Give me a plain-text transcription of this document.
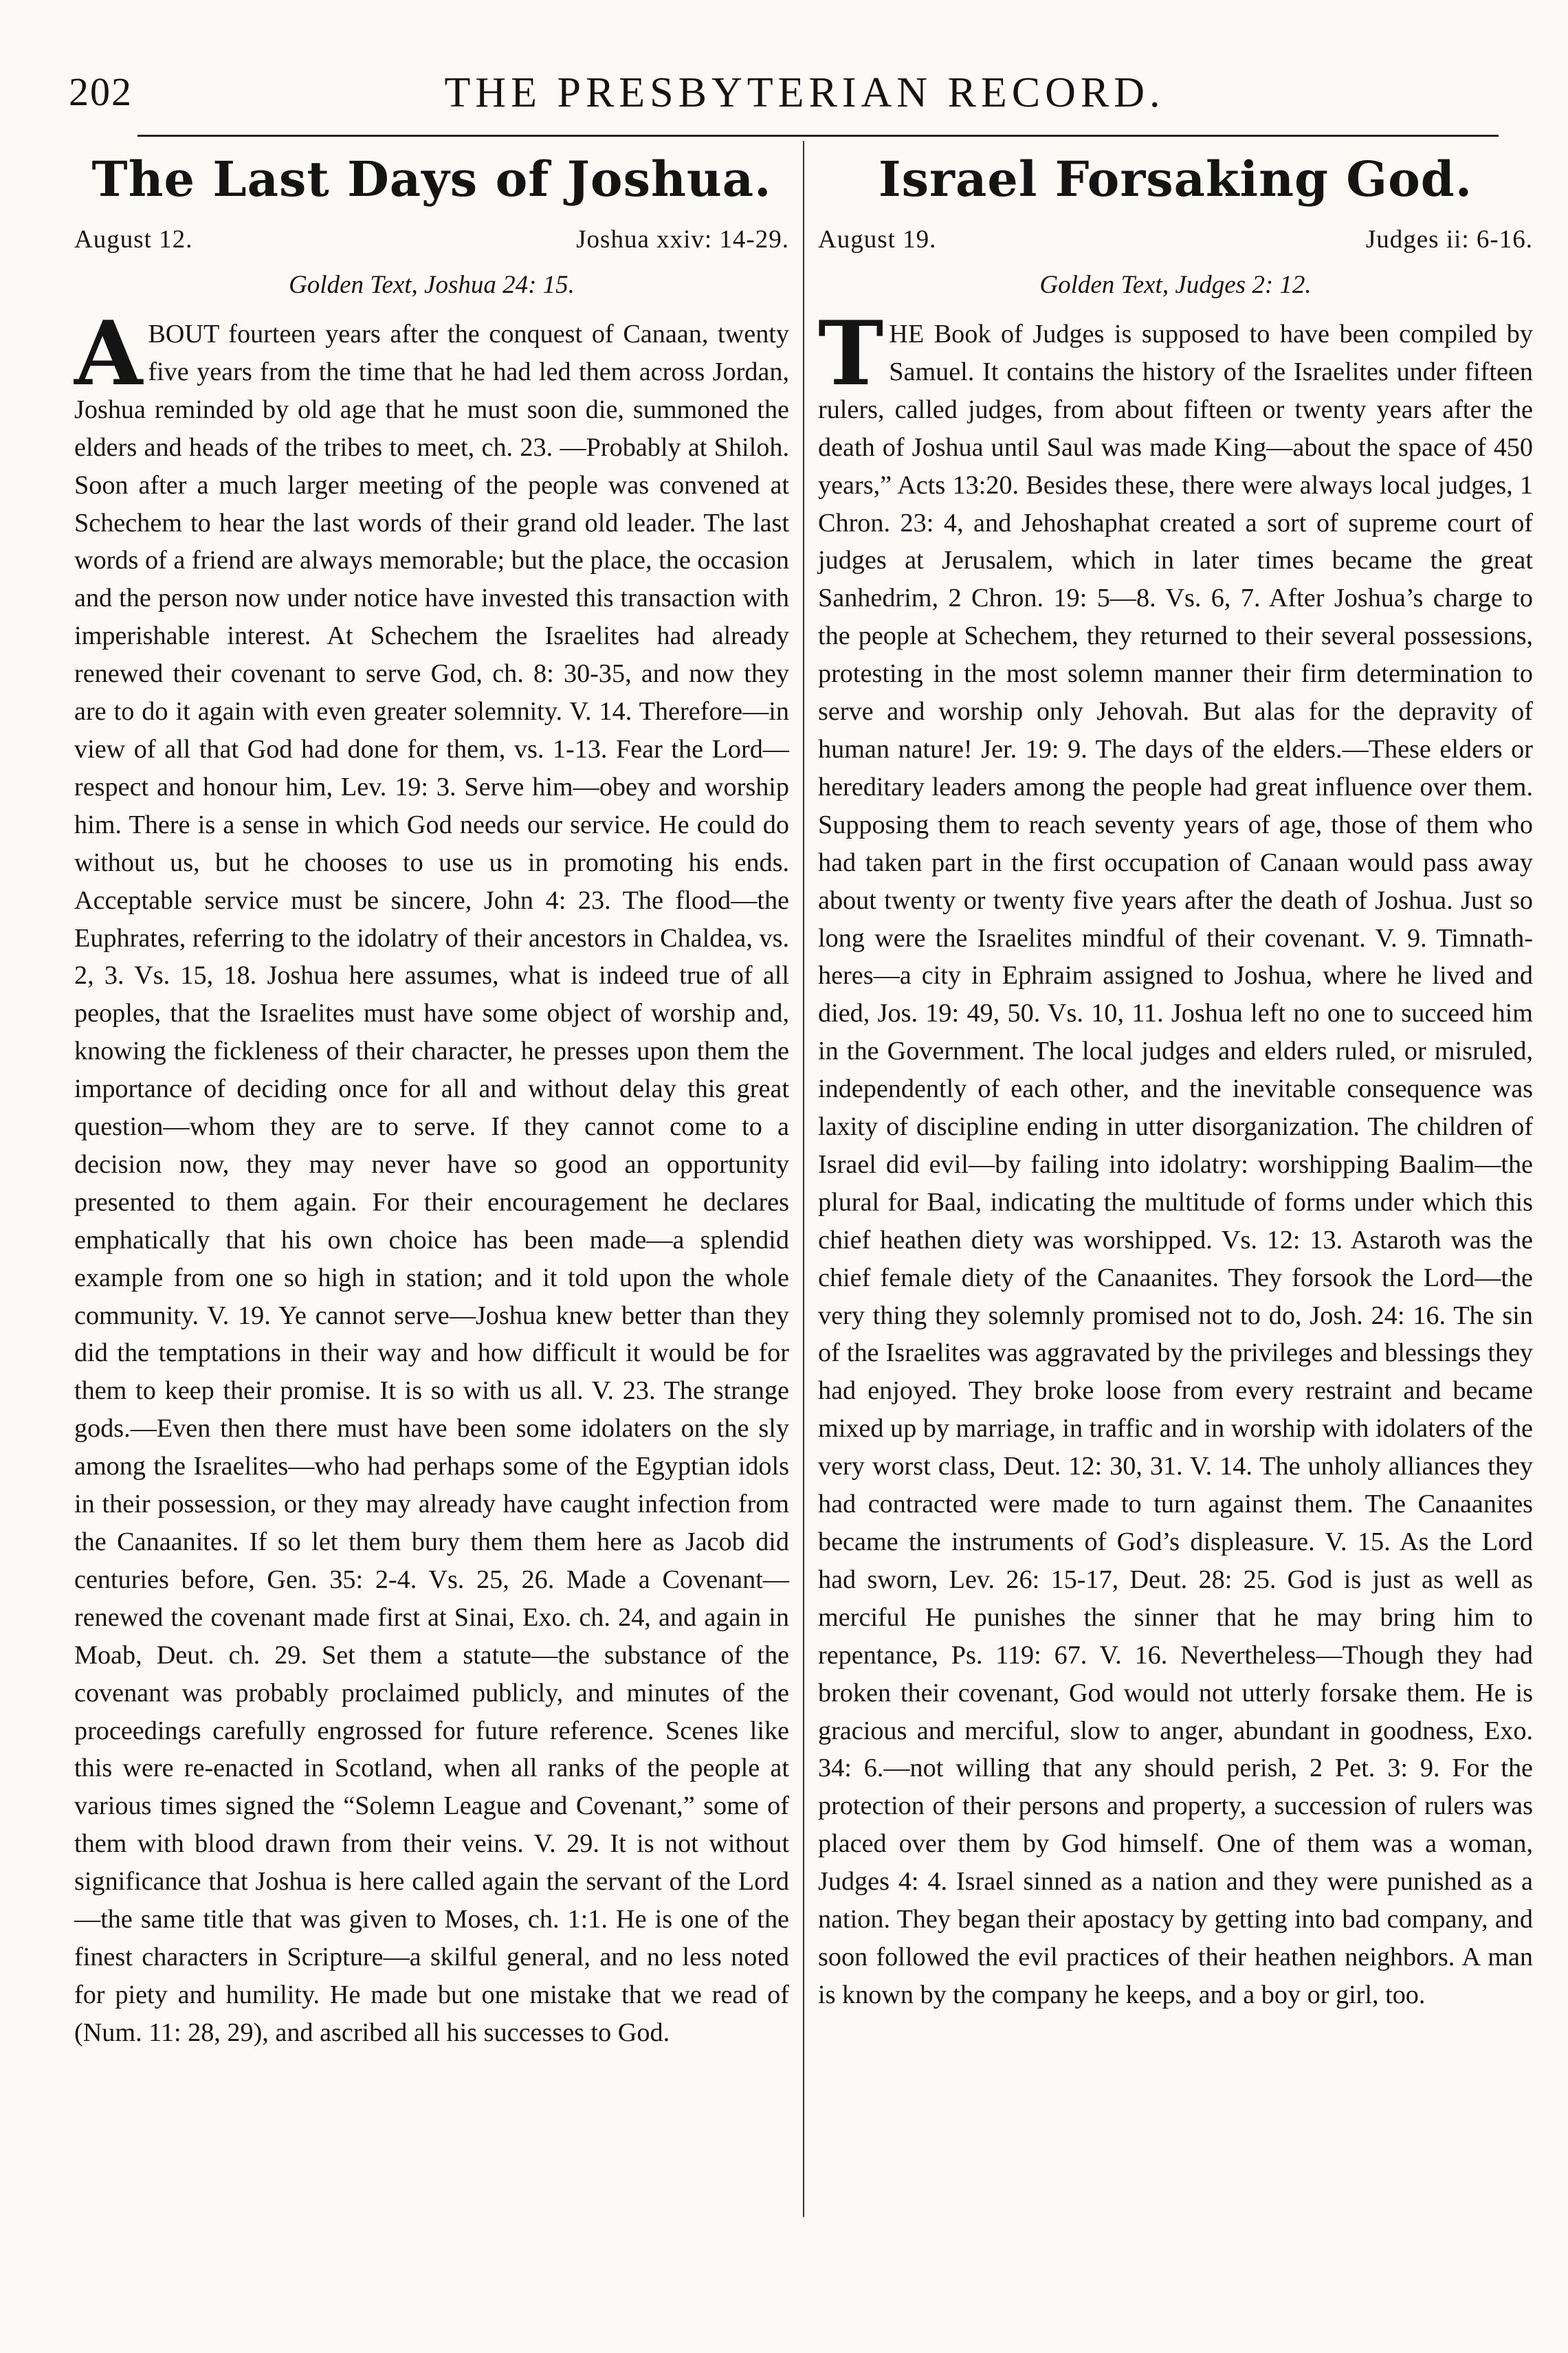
202	THE PRESBYTERIAN RECORD.
The Last Days of Joshua.
August 12.	Joshua xxiv: 14-29.
Golden Text, Joshua 24: 15.

ABOUT fourteen years after the conquest of Canaan, twenty five years from the time that he had led them across Jordan, Joshua reminded by old age that he must soon die, summoned the elders and heads of the tribes to meet, ch. 23. —Probably at Shiloh. Soon after a much larger meeting of the people was convened at Schechem to hear the last words of their grand old leader. The last words of a friend are always memorable; but the place, the occasion and the person now under notice have invested this transaction with imperishable interest. At Schechem the Israelites had already renewed their covenant to serve God, ch. 8: 30-35, and now they are to do it again with even greater solemnity. V. 14. Therefore—in view of all that God had done for them, vs. 1-13. Fear the Lord—respect and honour him, Lev. 19: 3. Serve him—obey and worship him. There is a sense in which God needs our service. He could do without us, but he chooses to use us in promoting his ends. Acceptable service must be sincere, John 4: 23. The flood—the Euphrates, referring to the idolatry of their ancestors in Chaldea, vs. 2, 3. Vs. 15, 18. Joshua here assumes, what is indeed true of all peoples, that the Israelites must have some object of worship and, knowing the fickleness of their character, he presses upon them the importance of deciding once for all and without delay this great question—whom they are to serve. If they cannot come to a decision now, they may never have so good an opportunity presented to them again. For their encouragement he declares emphatically that his own choice has been made—a splendid example from one so high in station; and it told upon the whole community. V. 19. Ye cannot serve—Joshua knew better than they did the temptations in their way and how difficult it would be for them to keep their promise. It is so with us all. V. 23. The strange gods.—Even then there must have been some idolaters on the sly among the Israelites—who had perhaps some of the Egyptian idols in their possession, or they may already have caught infection from the Canaanites. If so let them bury them them here as Jacob did centuries before, Gen. 35: 2-4. Vs. 25, 26. Made a Covenant—renewed the covenant made first at Sinai, Exo. ch. 24, and again in Moab, Deut. ch. 29. Set them a statute—the substance of the covenant was probably proclaimed publicly, and minutes of the proceedings carefully engrossed for future reference. Scenes like this were re-enacted in Scotland, when all ranks of the people at various times signed the “Solemn League and Covenant,” some of them with blood drawn from their veins. V. 29. It is not without significance that Joshua is here called again the servant of the Lord—the same title that was given to Moses, ch. 1:1. He is one of the finest characters in Scripture—a skilful general, and no less noted for piety and humility. He made but one mistake that we read of (Num. 11: 28, 29), and ascribed all his successes to God.

Israel Forsaking God.
August 19.	Judges ii: 6-16.
Golden Text, Judges 2: 12.

THE Book of Judges is supposed to have been compiled by Samuel. It contains the history of the Israelites under fifteen rulers, called judges, from about fifteen or twenty years after the death of Joshua until Saul was made King—about the space of 450 years,” Acts 13:20. Besides these, there were always local judges, 1 Chron. 23: 4, and Jehoshaphat created a sort of supreme court of judges at Jerusalem, which in later times became the great Sanhedrim, 2 Chron. 19: 5—8. Vs. 6, 7. After Joshua’s charge to the people at Schechem, they returned to their several possessions, protesting in the most solemn manner their firm determination to serve and worship only Jehovah. But alas for the depravity of human nature! Jer. 19: 9. The days of the elders.—These elders or hereditary leaders among the people had great influence over them. Supposing them to reach seventy years of age, those of them who had taken part in the first occupation of Canaan would pass away about twenty or twenty five years after the death of Joshua. Just so long were the Israelites mindful of their covenant. V. 9. Timnath-heres—a city in Ephraim assigned to Joshua, where he lived and died, Jos. 19: 49, 50. Vs. 10, 11. Joshua left no one to succeed him in the Government. The local judges and elders ruled, or misruled, independently of each other, and the inevitable consequence was laxity of discipline ending in utter disorganization. The children of Israel did evil—by failing into idolatry: worshipping Baalim—the plural for Baal, indicating the multitude of forms under which this chief heathen diety was worshipped. Vs. 12: 13. Astaroth was the chief female diety of the Canaanites. They forsook the Lord—the very thing they solemnly promised not to do, Josh. 24: 16. The sin of the Israelites was aggravated by the privileges and blessings they had enjoyed. They broke loose from every restraint and became mixed up by marriage, in traffic and in worship with idolaters of the very worst class, Deut. 12: 30, 31. V. 14. The unholy alliances they had contracted were made to turn against them. The Canaanites became the instruments of God’s displeasure. V. 15. As the Lord had sworn, Lev. 26: 15-17, Deut. 28: 25. God is just as well as merciful He punishes the sinner that he may bring him to repentance, Ps. 119: 67. V. 16. Nevertheless—Though they had broken their covenant, God would not utterly forsake them. He is gracious and merciful, slow to anger, abundant in goodness, Exo. 34: 6.—not willing that any should perish, 2 Pet. 3: 9. For the protection of their persons and property, a succession of rulers was placed over them by God himself. One of them was a woman, Judges 4: 4. Israel sinned as a nation and they were punished as a nation. They began their apostacy by getting into bad company, and soon followed the evil practices of their heathen neighbors. A man is known by the company he keeps, and a boy or girl, too.
